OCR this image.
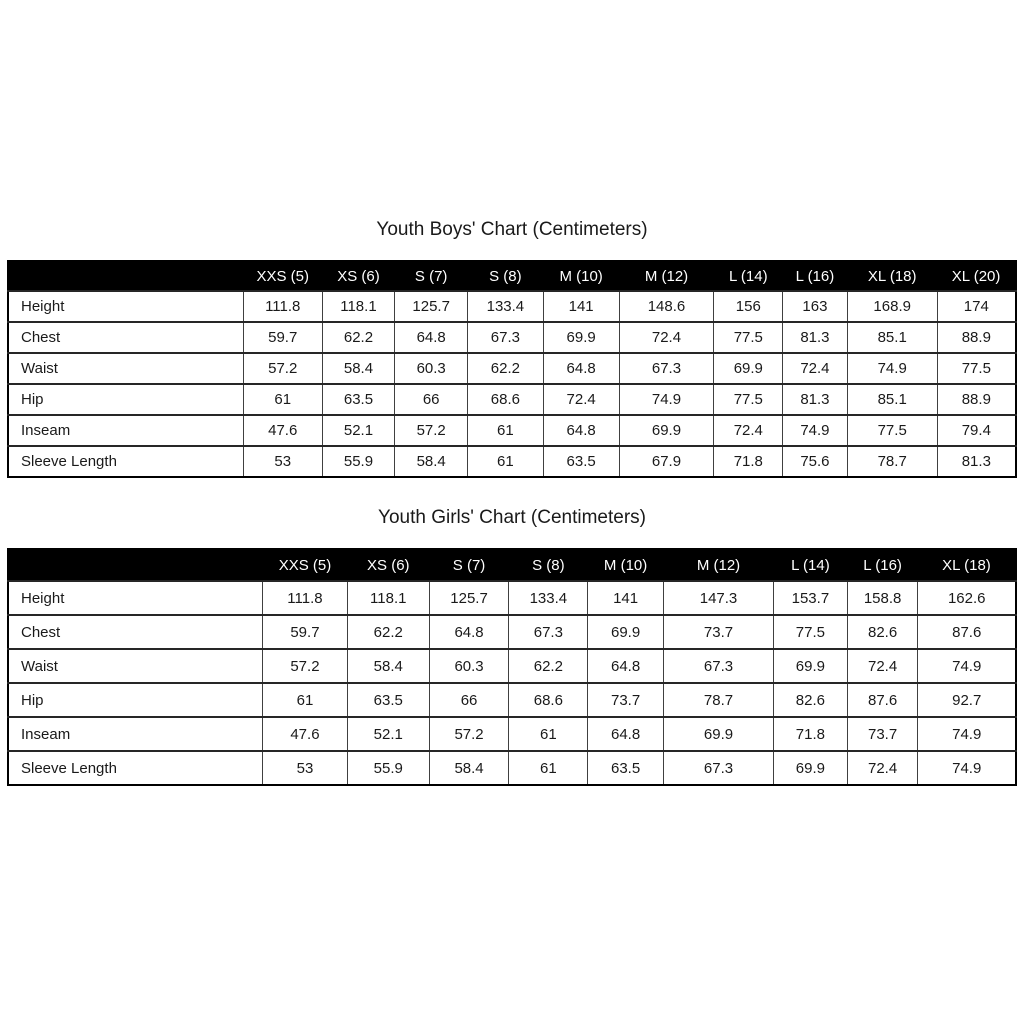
Youth Boys' Chart (Centimeters)
	XXS (5)	XS (6)	S (7)	S (8)	M (10)	M (12)	L (14)	L (16)	XL (18)	XL (20)
Height	111.8	118.1	125.7	133.4	141	148.6	156	163	168.9	174
Chest	59.7	62.2	64.8	67.3	69.9	72.4	77.5	81.3	85.1	88.9
Waist	57.2	58.4	60.3	62.2	64.8	67.3	69.9	72.4	74.9	77.5
Hip	61	63.5	66	68.6	72.4	74.9	77.5	81.3	85.1	88.9
Inseam	47.6	52.1	57.2	61	64.8	69.9	72.4	74.9	77.5	79.4
Sleeve Length	53	55.9	58.4	61	63.5	67.9	71.8	75.6	78.7	81.3
Youth Girls' Chart (Centimeters)
	XXS (5)	XS (6)	S (7)	S (8)	M (10)	M (12)	L (14)	L (16)	XL (18)
Height	111.8	118.1	125.7	133.4	141	147.3	153.7	158.8	162.6
Chest	59.7	62.2	64.8	67.3	69.9	73.7	77.5	82.6	87.6
Waist	57.2	58.4	60.3	62.2	64.8	67.3	69.9	72.4	74.9
Hip	61	63.5	66	68.6	73.7	78.7	82.6	87.6	92.7
Inseam	47.6	52.1	57.2	61	64.8	69.9	71.8	73.7	74.9
Sleeve Length	53	55.9	58.4	61	63.5	67.3	69.9	72.4	74.9
